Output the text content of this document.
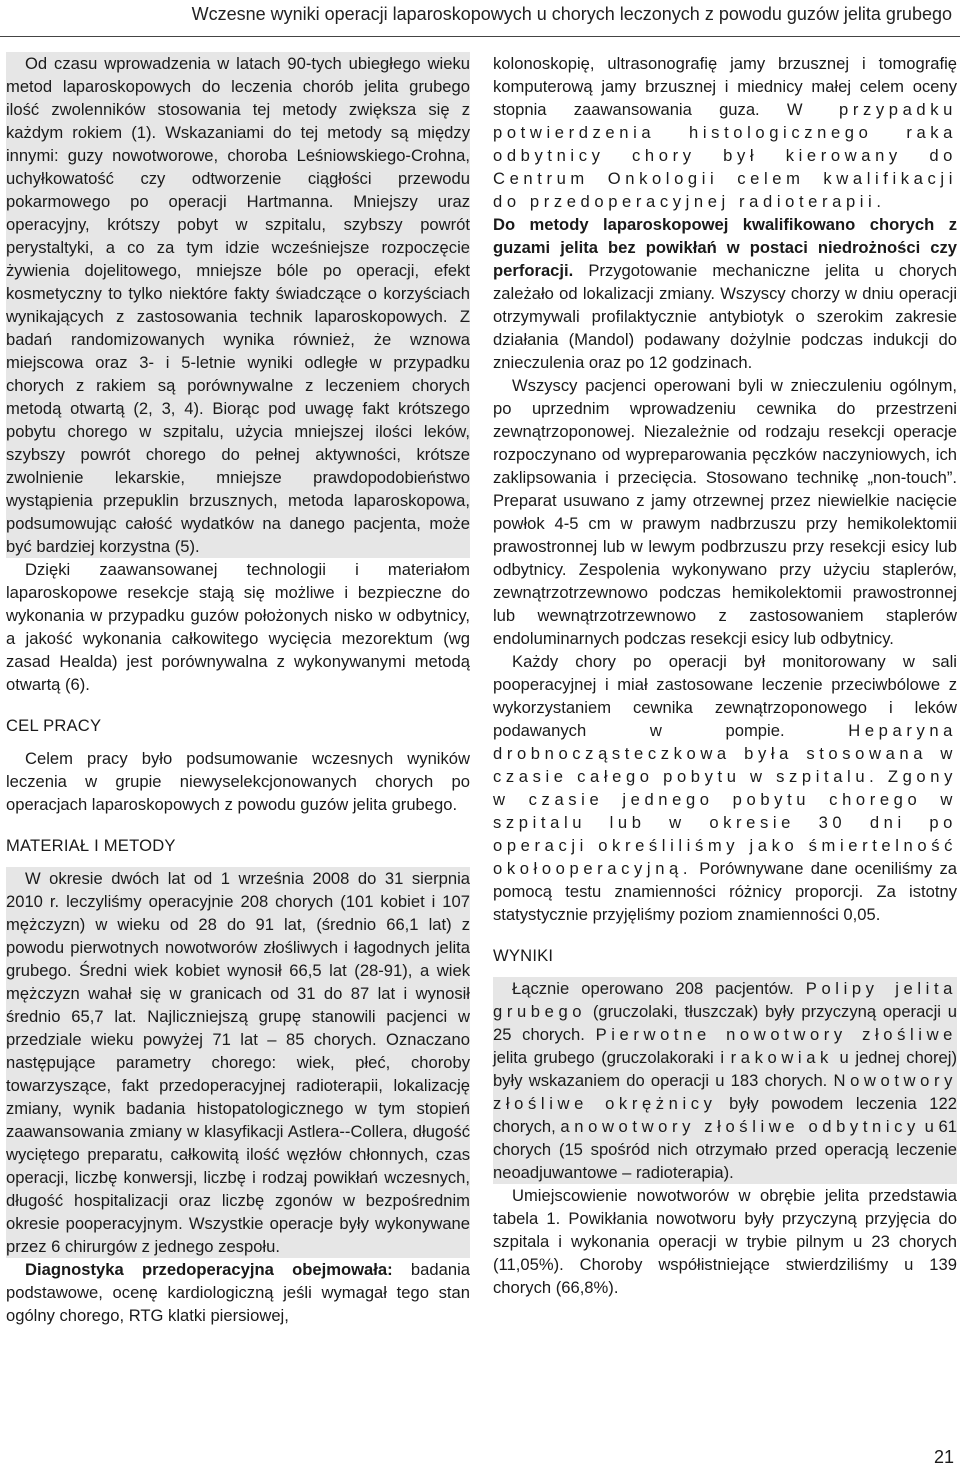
Wczesne wyniki operacji laparoskopowych u chorych leczonych z powodu guzów jelita grubego

Od czasu wprowadzenia w latach 90-tych ubiegłego wieku metod laparoskopowych do leczenia chorób jelita grubego ilość zwolenników stosowania tej metody zwiększa się z każdym rokiem (1). Wskazaniami do tej metody są między innymi: guzy nowotworowe, choroba Leśniowskiego-Crohna, uchyłkowatość czy odtworzenie ciągłości przewodu pokarmowego po operacji Hartmanna. Mniejszy uraz operacyjny, krótszy pobyt w szpitalu, szybszy powrót perystaltyki, a co za tym idzie wcześniejsze rozpoczęcie żywienia dojelitowego, mniejsze bóle po operacji, efekt kosmetyczny to tylko niektóre fakty świadczące o korzyściach wynikających z zastosowania technik laparoskopowych. Z badań randomizowanych wynika również, że wznowa miejscowa oraz 3- i 5-letnie wyniki odległe w przypadku chorych z rakiem są porównywalne z leczeniem chorych metodą otwartą (2, 3, 4). Biorąc pod uwagę fakt krótszego pobytu chorego w szpitalu, użycia mniejszej ilości leków, szybszy powrót chorego do pełnej aktywności, krótsze zwolnienie lekarskie, mniejsze prawdopodobieństwo wystąpienia przepuklin brzusznych, metoda laparoskopowa, podsumowując całość wydatków na danego pacjenta, może być bardziej korzystna (5).

Dzięki zaawansowanej technologii i materiałom laparoskopowe resekcje stają się możliwe i bezpieczne do wykonania w przypadku guzów położonych nisko w odbytnicy, a jakość wykonania całkowitego wycięcia mezorektum (wg zasad Healda) jest porównywalna z wykonywanymi metodą otwartą (6).

CEL PRACY

Celem pracy było podsumowanie wczesnych wyników leczenia w grupie niewyselekcjonowanych chorych po operacjach laparoskopowych z powodu guzów jelita grubego.

MATERIAŁ I METODY

W okresie dwóch lat od 1 września 2008 do 31 sierpnia 2010 r. leczyliśmy operacyjnie 208 chorych (101 kobiet i 107 mężczyzn) w wieku od 28 do 91 lat, (średnio 66,1 lat) z powodu pierwotnych nowotworów złośliwych i łagodnych jelita grubego. Średni wiek kobiet wynosił 66,5 lat (28-91), a wiek mężczyzn wahał się w granicach od 31 do 87 lat i wynosił średnio 65,7 lat. Najliczniejszą grupę stanowili pacjenci w przedziale wieku powyżej 71 lat – 85 chorych. Oznaczano następujące parametry chorego: wiek, płeć, choroby towarzyszące, fakt przedoperacyjnej radioterapii, lokalizację zmiany, wynik badania histopatologicznego w tym stopień zaawansowania zmiany w klasyfikacji Astlera--Collera, długość wyciętego preparatu, całkowitą ilość węzłów chłonnych, czas operacji, liczbę konwersji, liczbę i rodzaj powikłań wczesnych, długość hospitalizacji oraz liczbę zgonów w bezpośrednim okresie pooperacyjnym. Wszystkie operacje były wykonywane przez 6 chirurgów z jednego zespołu.

Diagnostyka przedoperacyjna obejmowała: badania podstawowe, ocenę kardiologiczną jeśli wymagał tego stan ogólny chorego, RTG klatki piersiowej,

kolonoskopię, ultrasonografię jamy brzusznej i tomografię komputerową jamy brzusznej i miednicy małej celem oceny stopnia zaawansowania guza. W przypadku potwierdzenia histologicznego raka odbytnicy chory był kierowany do Centrum Onkologii celem kwalifikacji do przedoperacyjnej radioterapii.

Do metody laparoskopowej kwalifikowano chorych z guzami jelita bez powikłań w postaci niedrożności czy perforacji. Przygotowanie mechaniczne jelita u chorych zależało od lokalizacji zmiany. Wszyscy chorzy w dniu operacji otrzymywali profilaktycznie antybiotyk o szerokim zakresie działania (Mandol) podawany dożylnie podczas indukcji do znieczulenia oraz po 12 godzinach.

Wszyscy pacjenci operowani byli w znieczuleniu ogólnym, po uprzednim wprowadzeniu cewnika do przestrzeni zewnątrzoponowej. Niezależnie od rodzaju resekcji operacje rozpoczynano od wypreparowania pęczków naczyniowych, ich zaklipsowania i przecięcia. Stosowano technikę „non-touch”. Preparat usuwano z jamy otrzewnej przez niewielkie nacięcie powłok 4-5 cm w prawym nadbrzuszu przy hemikolektomii prawostronnej lub w lewym podbrzuszu przy resekcji esicy lub odbytnicy. Zespolenia wykonywano przy użyciu staplerów, zewnątrzotrzewnowo podczas hemikolektomii prawostronnej lub wewnątrzotrzewnowo z zastosowaniem staplerów endoluminarnych podczas resekcji esicy lub odbytnicy.

Każdy chory po operacji był monitorowany w sali pooperacyjnej i miał zastosowane leczenie przeciwbólowe z wykorzystaniem cewnika zewnątrzoponowego i leków podawanych w pompie. Heparyna drobnocząsteczkowa była stosowana w czasie całego pobytu w szpitalu. Zgony w czasie jednego pobytu chorego w szpitalu lub w okresie 30 dni po operacji określiliśmy jako śmiertelność okołooperacyjną. Porównywane dane oceniliśmy za pomocą testu znamienności różnicy proporcji. Za istotny statystycznie przyjęliśmy poziom znamienności 0,05.

WYNIKI

Łącznie operowano 208 pacjentów. Polipy jelita grubego (gruczolaki, tłuszczak) były przyczyną operacji u 25 chorych. Pierwotne nowotwory złośliwe jelita grubego (gruczolakoraki i rakowiak u jednej chorej) były wskazaniem do operacji u 183 chorych. Nowotwory złośliwe okrężnicy były powodem leczenia 122 chorych, a nowotwory złośliwe odbytnicy u 61 chorych (15 spośród nich otrzymało przed operacją leczenie neoadjuwantowe – radioterapia).

Umiejscowienie nowotworów w obrębie jelita przedstawia tabela 1. Powikłania nowotworu były przyczyną przyjęcia do szpitala i wykonania operacji w trybie pilnym u 23 chorych (11,05%). Choroby współistniejące stwierdziliśmy u 139 chorych (66,8%).

21
